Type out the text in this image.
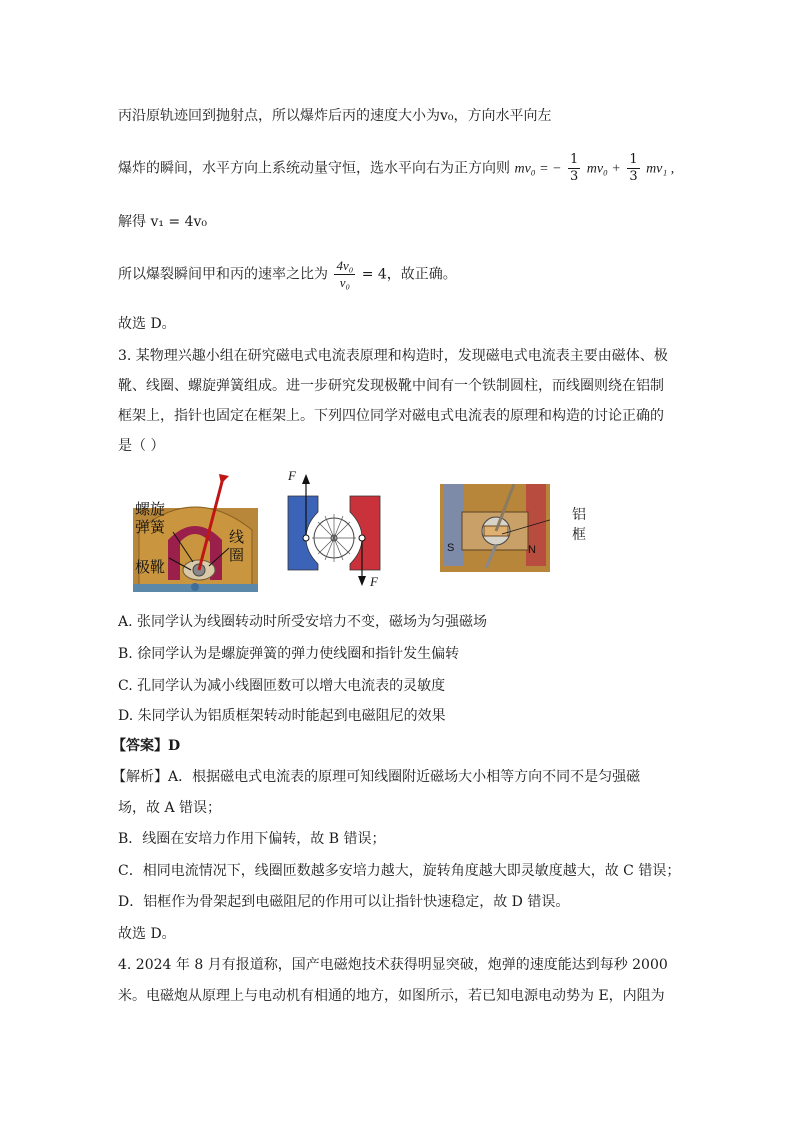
丙沿原轨迹回到抛射点，所以爆炸后丙的速度大小为v₀，方向水平向左
爆炸的瞬间，水平方向上系统动量守恒，选水平向右为正方向则 mv₀ = − $\frac{1}{3} mv_0 + \frac{1}{3} mv_1$ ,
解得 v₁ = 4v₀
所以爆裂瞬间甲和丙的速率之比为 $\frac{\text{4v₀}}{\text{v₀}} = 4$，故正确。
故选 D。
3. 某物理兴趣小组在研究磁电式电流表原理和构造时，发现磁电式电流表主要由磁体、极
靴、线圈、螺旋弹簧组成。进一步研究发现极靴中间有一个铁制圆柱，而线圈则绕在铝制
框架上，指针也固定在框架上。下列四位同学对磁电式电流表的原理和构造的讨论正确的
是（ ）
螺旋弹簧
极靴
线圈
F
F
S	N
铝框
A. 张同学认为线圈转动时所受安培力不变，磁场为匀强磁场
B. 徐同学认为是螺旋弹簧的弹力使线圈和指针发生偏转
C. 孔同学认为减小线圈匝数可以增大电流表的灵敏度
D. 朱同学认为铝质框架转动时能起到电磁阻尼的效果
【答案】D
【解析】A．根据磁电式电流表的原理可知线圈附近磁场大小相等方向不同不是匀强磁
场，故 A 错误；
B．线圈在安培力作用下偏转，故 B 错误；
C．相同电流情况下，线圈匝数越多安培力越大，旋转角度越大即灵敏度越大，故 C 错误；
D．铝框作为骨架起到电磁阻尼的作用可以让指针快速稳定，故 D 错误。
故选 D。
4. 2024 年 8 月有报道称，国产电磁炮技术获得明显突破，炮弹的速度能达到每秒 2000
米。电磁炮从原理上与电动机有相通的地方，如图所示，若已知电源电动势为 E，内阻为
